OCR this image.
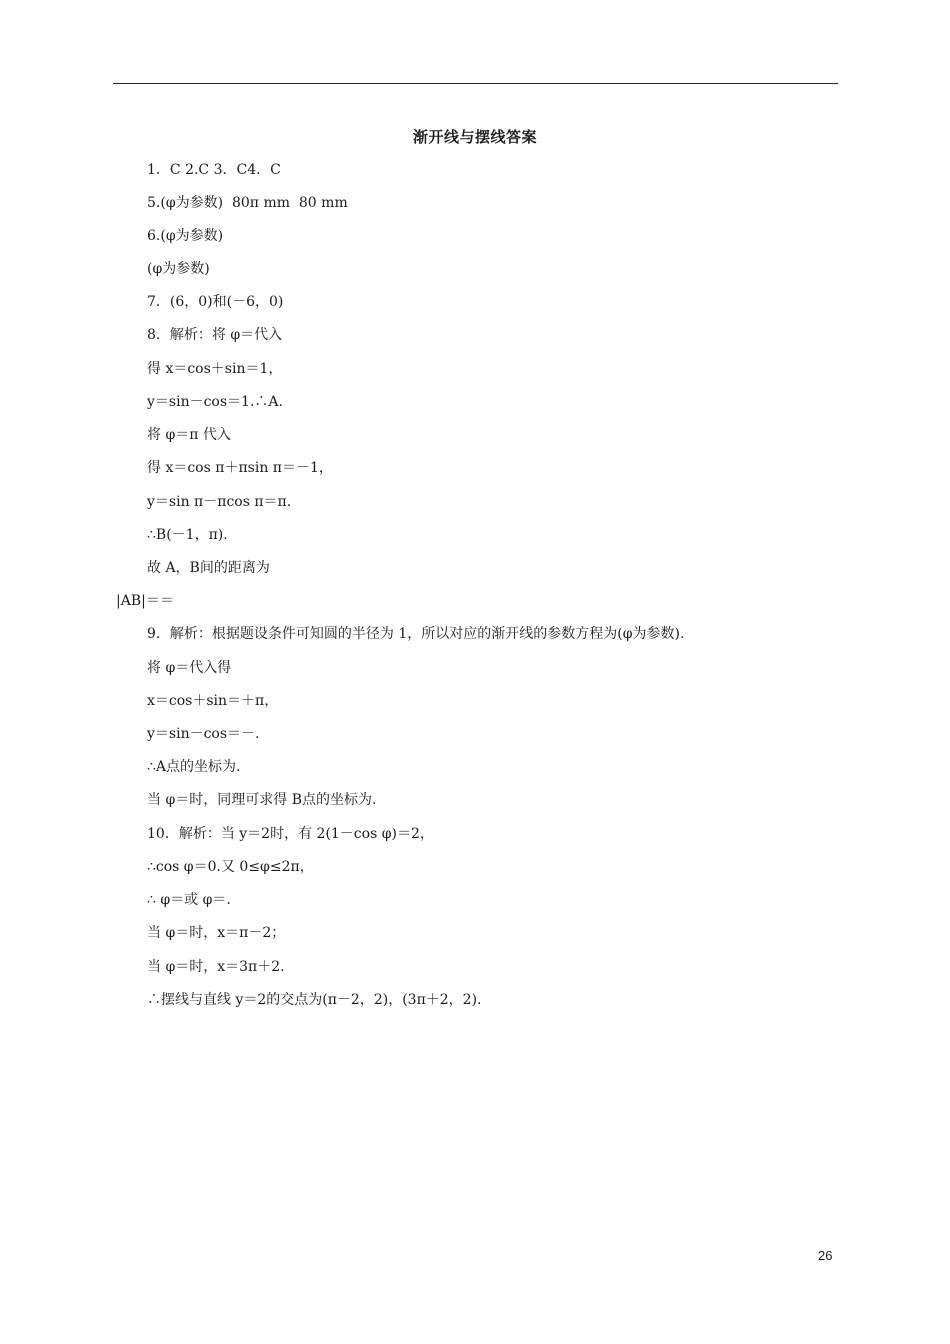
渐开线与摆线答案
1．C 2.C 3．C4．C
5.(φ为参数)  80π mm  80 mm
6.(φ为参数)
(φ为参数)
7．(6，0)和(－6，0)
8．解析：将 φ＝代入
得 x＝cos＋sin＝1，
y＝sin－cos＝1.∴A.
将 φ＝π 代入
得 x＝cos π＋πsin π＝－1，
y＝sin π－πcos π＝π.
∴B(－1，π).
故 A，B间的距离为
|AB|＝＝
9．解析：根据题设条件可知圆的半径为 1，所以对应的渐开线的参数方程为(φ为参数).
将 φ＝代入得
x＝cos＋sin＝＋π，
y＝sin－cos＝－.
∴A点的坐标为.
当 φ＝时，同理可求得 B点的坐标为.
10．解析：当 y＝2时，有 2(1－cos φ)＝2，
∴cos φ＝0.又 0≤φ≤2π，
∴ φ＝或 φ＝.
当 φ＝时，x＝π－2；
当 φ＝时，x＝3π＋2.
∴摆线与直线 y＝2的交点为(π－2，2)，(3π＋2，2).
26
